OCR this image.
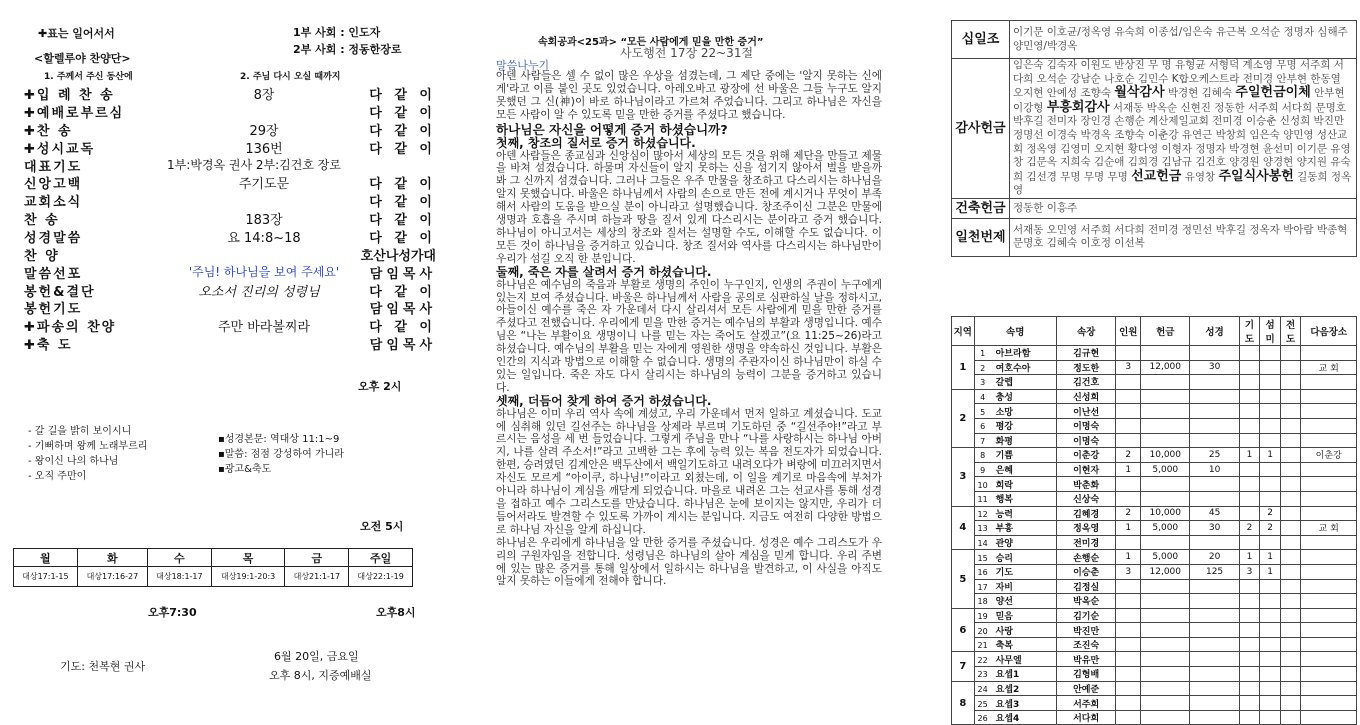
✚표는 일어서서
<할렐루야 찬양단>
1. 주께서 주신 동산에	2. 주님 다시 오실 때까지
1부 사회 : 인도자
2부 사회 : 정동한장로
✚입 례 찬 송	8장	다 같 이
✚예배로부르심	다 같 이
✚찬 송	29장	다 같 이
✚성시교독	136번	다 같 이
대표기도	1부:박경옥 권사 2부:김건호 장로
신앙고백	주기도문	다 같 이
교회소식	다 같 이
찬 송	183장	다 같 이
성경말씀	요 14:8~18	다 같 이
찬 양	호산나성가대
말씀선포	'주님! 하나님을 보여 주세요'	담임목사
봉헌&결단	오소서 진리의 성령님	다 같 이
봉헌기도	담임목사
✚파송의 찬양	주만 바라볼찌라	다 같 이
✚축 도	담임목사
오후 2시
- 갈 길을 밝히 보이시니
- 기뻐하며 왕께 노래부르리
- 왕이신 나의 하나님
- 오직 주만이
▪성경본문: 역대상 11:1~9
▪말씀: 점점 강성하여 가니라
▪광고&축도
오전 5시
월	화	수	목	금	주일
대상17:1-15	대상17:16-27	대상18:1-17	대상19:1-20:3	대상21:1-17	대상22:1-19
오후7:30	오후8시
기도: 천복현 권사
6월 20일, 금요일
오후 8시, 지증예배실
속회공과<25과> “모든 사람에게 믿을 만한 증거”
사도행전 17장 22~31절
말씀나누기

아덴 사람들은 셀 수 없이 많은 우상을 섬겼는데, 그 제단 중에는 '알지 못하는 신에게'라고 이름 붙인 곳도 있었습니다. 아레오바고 광장에 선 바울은 그들 누구도 알지 못했던 그 신(神)이 바로 하나님이라고 가르쳐 주었습니다. 그리고 하나님은 자신을 모든 사람이 알 수 있도록 믿을 만한 증거를 주셨다고 했습니다.

하나님은 자신을 어떻게 증거 하셨습니까?

첫째, 창조의 질서로 증거 하셨습니다.

아덴 사람들은 종교심과 신앙심이 많아서 세상의 모든 것을 위해 제단을 만들고 제물을 바쳐 섬겼습니다. 하물며 자신들이 알지 못하는 신을 섬기지 않아서 벌을 받을까 봐 그 신까지 섬겼습니다. 그러나 그들은 우주 만물을 창조하고 다스리시는 하나님을 알지 못했습니다. 바울은 하나님께서 사람의 손으로 만든 전에 계시거나 무엇이 부족해서 사람의 도움을 받으실 분이 아니라고 설명했습니다. 창조주이신 그분은 만물에 생명과 호흡을 주시며 하늘과 땅을 질서 있게 다스리시는 분이라고 증거 했습니다. 하나님이 아니고서는 세상의 창조와 질서는 설명할 수도, 이해할 수도 없습니다. 이 모든 것이 하나님을 증거하고 있습니다. 창조 질서와 역사를 다스리시는 하나님만이 우리가 섬길 오직 한 분입니다.

둘째, 죽은 자를 살려서 증거 하셨습니다.

하나님은 예수님의 죽음과 부활로 생명의 주인이 누구인지, 인생의 주권이 누구에게 있는지 보여 주셨습니다. 바울은 하나님께서 사람을 공의로 심판하실 날을 정하시고, 아들이신 예수를 죽은 자 가운데서 다시 살리셔서 모든 사람에게 믿을 만한 증거를 주셨다고 전했습니다. 우리에게 믿을 만한 증거는 예수님의 부활과 생명입니다. 예수님은 “나는 부활이요 생명이니 나를 믿는 자는 죽어도 살겠고”(요 11:25~26)라고 하셨습니다. 예수님의 부활을 믿는 자에게 영원한 생명을 약속하신 것입니다. 부활은 인간의 지식과 방법으로 이해할 수 없습니다. 생명의 주관자이신 하나님만이 하실 수 있는 일입니다. 죽은 자도 다시 살리시는 하나님의 능력이 그분을 증거하고 있습니다.

셋째, 더듬어 찾게 하여 증거 하셨습니다.

하나님은 이미 우리 역사 속에 계셨고, 우리 가운데서 먼저 일하고 계셨습니다. 도교에 심취해 있던 길선주는 하나님을 상제라 부르며 기도하던 중 “길선주야!”라고 부르시는 음성을 세 번 들었습니다. 그렇게 주님을 만나 “나를 사랑하시는 하나님 아버지, 나를 살려 주소서!”라고 고백한 그는 후에 능력 있는 복음 전도자가 되었습니다. 한편, 승려였던 김계안은 백두산에서 백일기도하고 내려오다가 벼랑에 미끄러지면서 자신도 모르게 “아이쿠, 하나님!”이라고 외쳤는데, 이 일을 계기로 마음속에 부처가 아니라 하나님이 계심을 깨닫게 되었습니다. 마을로 내려온 그는 선교사를 통해 성경을 접하고 예수 그리스도를 만났습니다. 하나님은 눈에 보이지는 않지만, 우리가 더듬어서라도 발견할 수 있도록 가까이 계시는 분입니다. 지금도 여전히 다양한 방법으로 하나님 자신을 알게 하십니다.

하나님은 우리에게 하나님을 알 만한 증거를 주셨습니다. 성경은 예수 그리스도가 우리의 구원자임을 전합니다. 성령님은 하나님의 살아 계심을 믿게 합니다. 우리 주변에 있는 많은 증거를 통해 일상에서 일하시는 하나님을 발견하고, 이 사실을 아직도 알지 못하는 이들에게 전해야 합니다.

십일조	이기문 이호균/정옥영 유숙희 이종섭/임은숙 유근복 오석순 정명자 심해주 양민영/박경옥
감사헌금	임은숙 김숙자 이원도 반상진 무 명 유형균 서형덕 계소영 무명 서주희 서다희 오석순 강남순 나호순 김민수 K합오케스트라 전미경 안부현 한동열 오지현 안예성 조향숙 월삭감사 박경현 김혜숙 주일헌금이체 안부현 이강형 부흥회감사 서재동 박옥순 신현진 정동한 서주희 서다희 문명호 박후길 전미자 장인경 손행순 계산제일교회 전미경 이승춘 신성희 박진만 정명선 이경숙 박경옥 조향숙 이춘강 유연근 박창희 임은숙 양민영 성산교회 정옥영 김영미 오지현 황다영 이형자 정명자 박경현 윤선미 이기문 유영창 김문옥 지희숙 김순애 김희경 김남규 김건호 양경원 양경현 양지원 유숙희 김선경 무명 무명 무명 선교헌금 유영창 주일식사봉헌 길동희 정옥영
건축헌금	정동한 이흥주
일천번제	서재동 오민영 서주희 서다희 전미경 정민선 박후길 정옥자 박아람 박종혁 문명호 김혜숙 이호정 이선복
지역	속명	속장	인원	헌금	성경	기도	섬미	전도	다음장소
1	1 아브라함	김규현							
	2 여호수아	정도한	3	12,000	30				교 회
	3 갈렙	김건호							
2	4 충성	신성희							
	5 소망	이난선							
	6 평강	이명숙							
	7 화평	이명숙							
3	8 기쁨	이춘강	2	10,000	25	1	1		이춘강
	9 은혜	이현자	1	5,000	10				
	10 희락	박춘화							
	11 행복	신상숙							
4	12 능력	김혜경	2	10,000	45		2		
	13 부흥	정옥영	1	5,000	30	2	2		교 회
	14 관양	전미경							
5	15 승리	손행순	1	5,000	20	1	1		
	16 기도	이승춘	3	12,000	125	3	1		
	17 자비	김정실							
	18 양선	박옥순							
6	19 믿음	김기순							
	20 사랑	박진만							
	21 축복	조진숙							
7	22 사무엘	박유만							
	23 요셉1	김형배							
8	24 요셉2	안예준							
	25 요셉3	서주희							
	26 요셉4	서다희							
